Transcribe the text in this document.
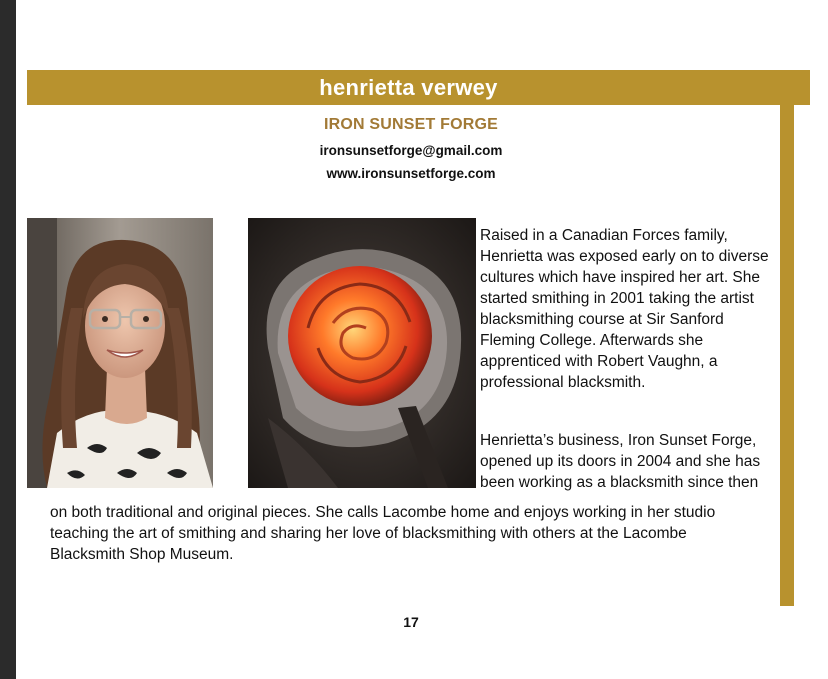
henrietta verwey
IRON SUNSET FORGE
ironsunsetforge@gmail.com
www.ironsunsetforge.com
Raised in a Canadian Forces family,
Henrietta was exposed early on to diverse
cultures which have inspired her art. She
started smithing in 2001 taking the artist
blacksmithing course at Sir Sanford
Fleming College. Afterwards she
apprenticed with Robert Vaughn, a
professional blacksmith.
Henrietta’s business, Iron Sunset Forge,
opened up its doors in 2004 and she has
been working as a blacksmith since then
on both traditional and original pieces. She calls Lacombe home and enjoys working in her studio
teaching the art of smithing and sharing her love of blacksmithing with others at the Lacombe
Blacksmith Shop Museum.
17
